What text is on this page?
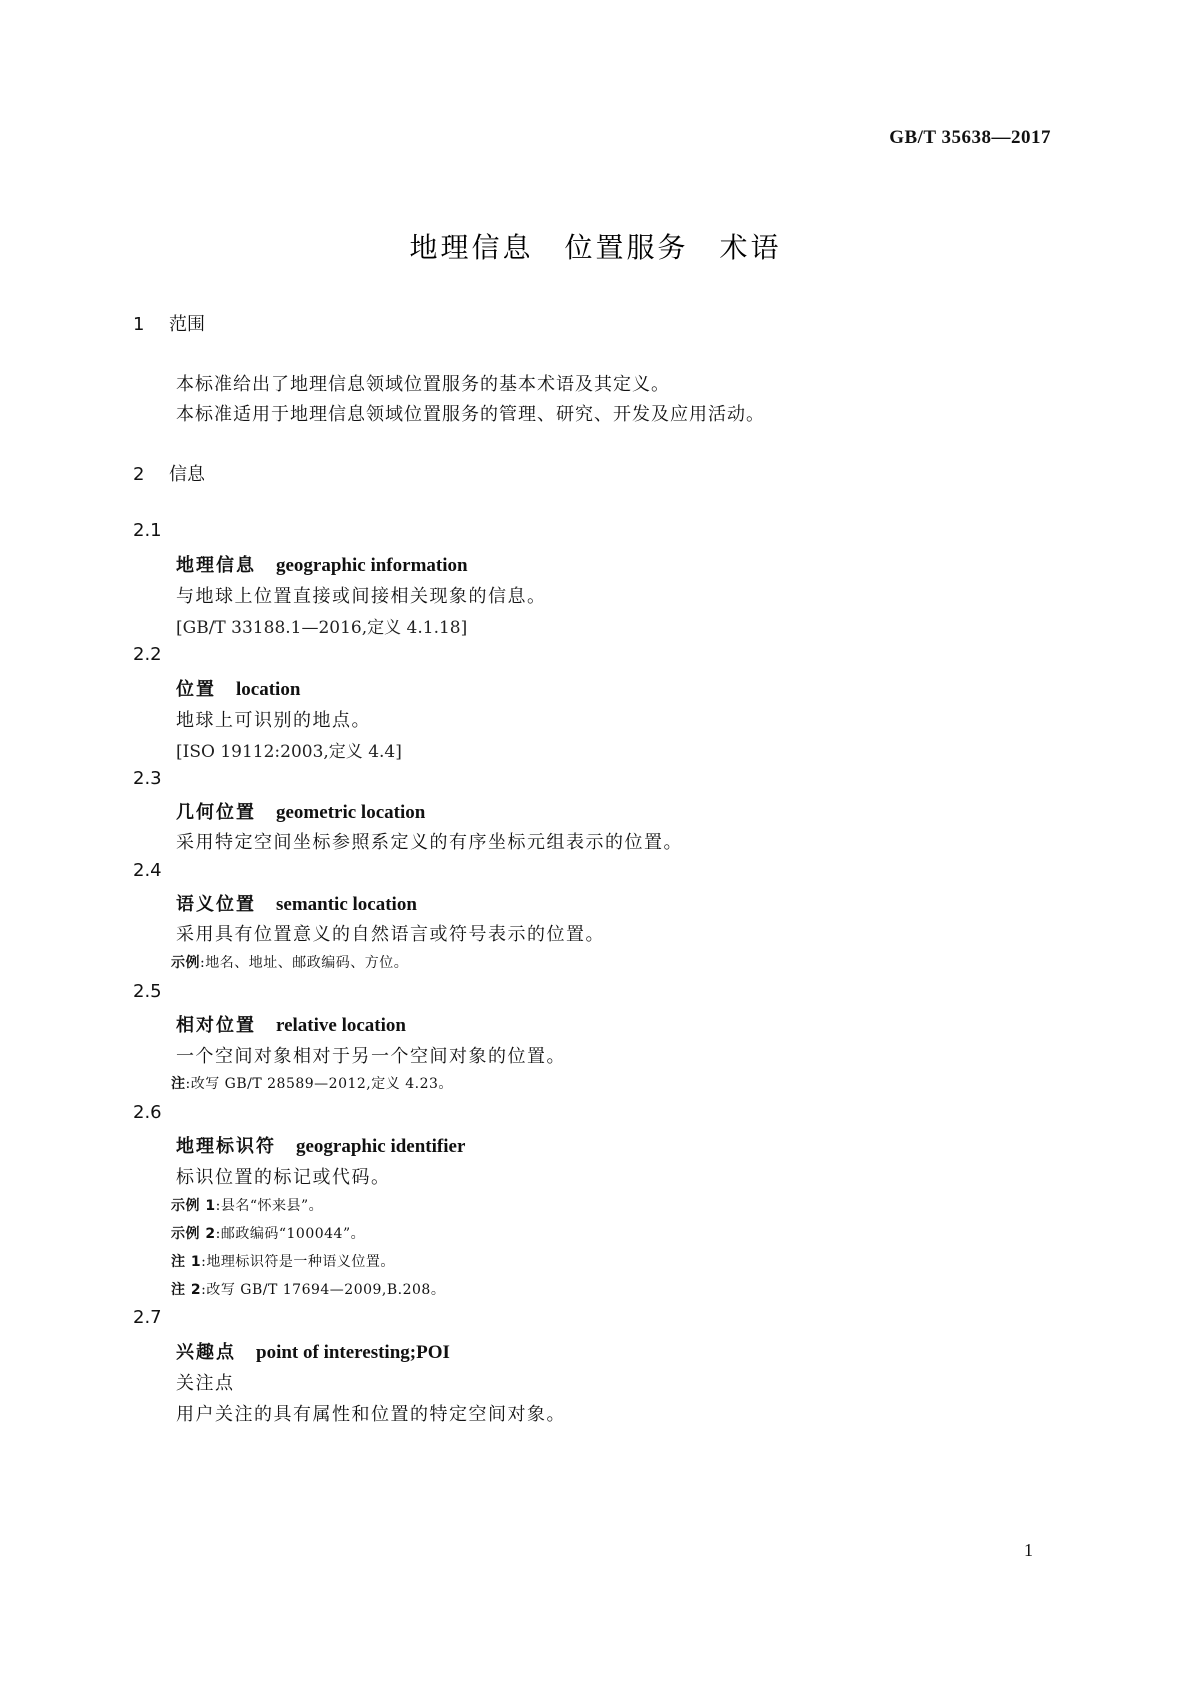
GB/T 35638—2017
地理信息　位置服务　术语
1 范围
本标准给出了地理信息领域位置服务的基本术语及其定义。
本标准适用于地理信息领域位置服务的管理、研究、开发及应用活动。
2 信息
2.1
地理信息 geographic information
与地球上位置直接或间接相关现象的信息。
[GB/T 33188.1—2016,定义 4.1.18]
2.2
位置 location
地球上可识别的地点。
[ISO 19112:2003,定义 4.4]
2.3
几何位置 geometric location
采用特定空间坐标参照系定义的有序坐标元组表示的位置。
2.4
语义位置 semantic location
采用具有位置意义的自然语言或符号表示的位置。
示例:地名、地址、邮政编码、方位。
2.5
相对位置 relative location
一个空间对象相对于另一个空间对象的位置。
注:改写 GB/T 28589—2012,定义 4.23。
2.6
地理标识符 geographic identifier
标识位置的标记或代码。
示例 1:县名“怀来县”。
示例 2:邮政编码“100044”。
注 1:地理标识符是一种语义位置。
注 2:改写 GB/T 17694—2009,B.208。
2.7
兴趣点 point of interesting;POI
关注点
用户关注的具有属性和位置的特定空间对象。
1
